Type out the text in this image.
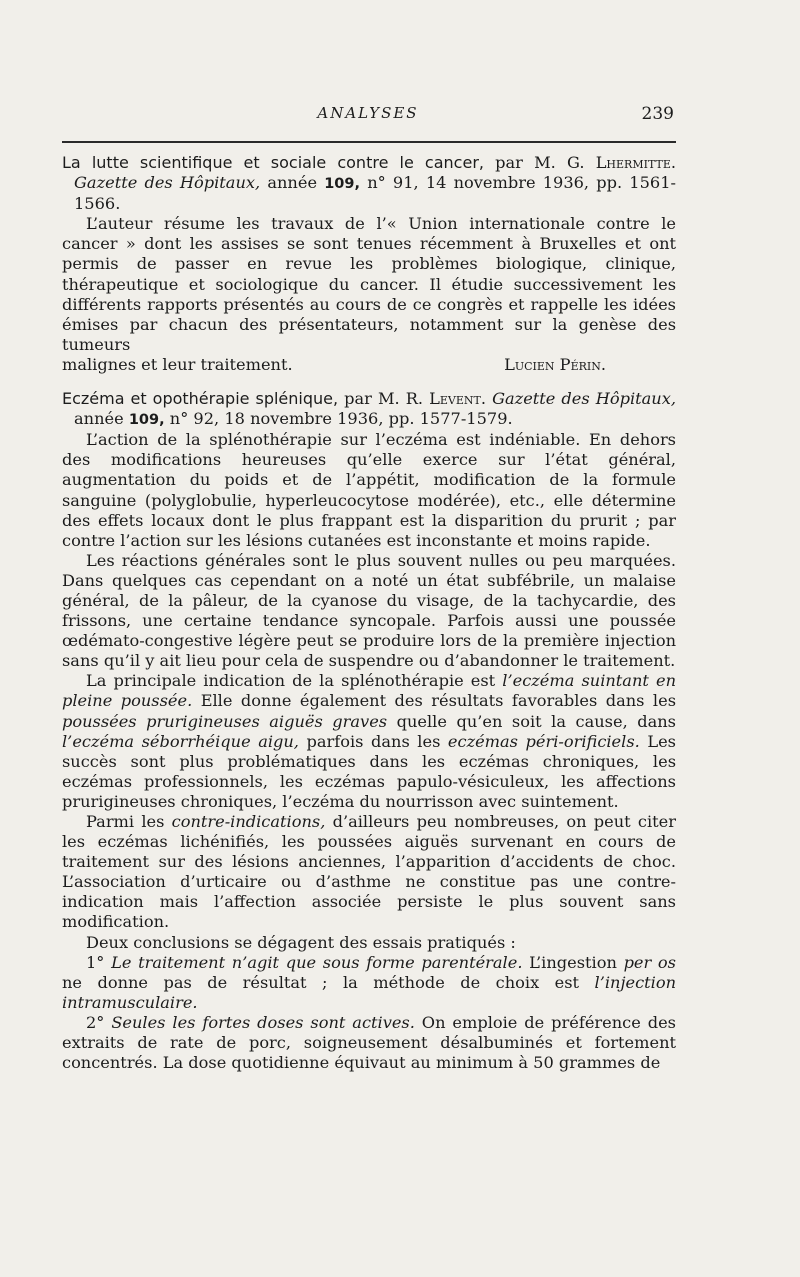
ANALYSES	239

La lutte scientifique et sociale contre le cancer, par M. G. Lhermitte. Gazette des Hôpitaux, année 109, n° 91, 14 novembre 1936, pp. 1561-1566.

L’auteur résume les travaux de l’« Union internationale contre le cancer » dont les assises se sont tenues récemment à Bruxelles et ont permis de passer en revue les problèmes biologique, clinique, thérapeutique et sociologique du cancer. Il étudie successivement les différents rapports présentés au cours de ce congrès et rappelle les idées émises par chacun des présentateurs, notamment sur la genèse des tumeurs

malignes et leur traitement.	Lucien Périn.

Eczéma et opothérapie splénique, par M. R. Levent. Gazette des Hôpitaux, année 109, n° 92, 18 novembre 1936, pp. 1577-1579.

L’action de la splénothérapie sur l’eczéma est indéniable. En dehors des modifications heureuses qu’elle exerce sur l’état général, augmentation du poids et de l’appétit, modification de la formule sanguine (polyglobulie, hyperleucocytose modérée), etc., elle détermine des effets locaux dont le plus frappant est la disparition du prurit ; par contre l’action sur les lésions cutanées est inconstante et moins rapide.

Les réactions générales sont le plus souvent nulles ou peu marquées. Dans quelques cas cependant on a noté un état subfébrile, un malaise général, de la pâleur, de la cyanose du visage, de la tachycardie, des frissons, une certaine tendance syncopale. Parfois aussi une poussée œdémato-congestive légère peut se produire lors de la première injection sans qu’il y ait lieu pour cela de suspendre ou d’abandonner le traitement.

La principale indication de la splénothérapie est l’eczéma suintant en pleine poussée. Elle donne également des résultats favorables dans les poussées prurigineuses aiguës graves quelle qu’en soit la cause, dans l’eczéma séborrhéique aigu, parfois dans les eczémas péri-orificiels. Les succès sont plus problématiques dans les eczémas chroniques, les eczémas professionnels, les eczémas papulo-vésiculeux, les affections prurigineuses chroniques, l’eczéma du nourrisson avec suintement.

Parmi les contre-indications, d’ailleurs peu nombreuses, on peut citer les eczémas lichénifiés, les poussées aiguës survenant en cours de traitement sur des lésions anciennes, l’apparition d’accidents de choc. L’association d’urticaire ou d’asthme ne constitue pas une contre-indication mais l’affection associée persiste le plus souvent sans modification.

Deux conclusions se dégagent des essais pratiqués :

1° Le traitement n’agit que sous forme parentérale. L’ingestion per os ne donne pas de résultat ; la méthode de choix est l’injection intramusculaire.

2° Seules les fortes doses sont actives. On emploie de préférence des extraits de rate de porc, soigneusement désalbuminés et fortement concentrés. La dose quotidienne équivaut au minimum à 50 grammes de
